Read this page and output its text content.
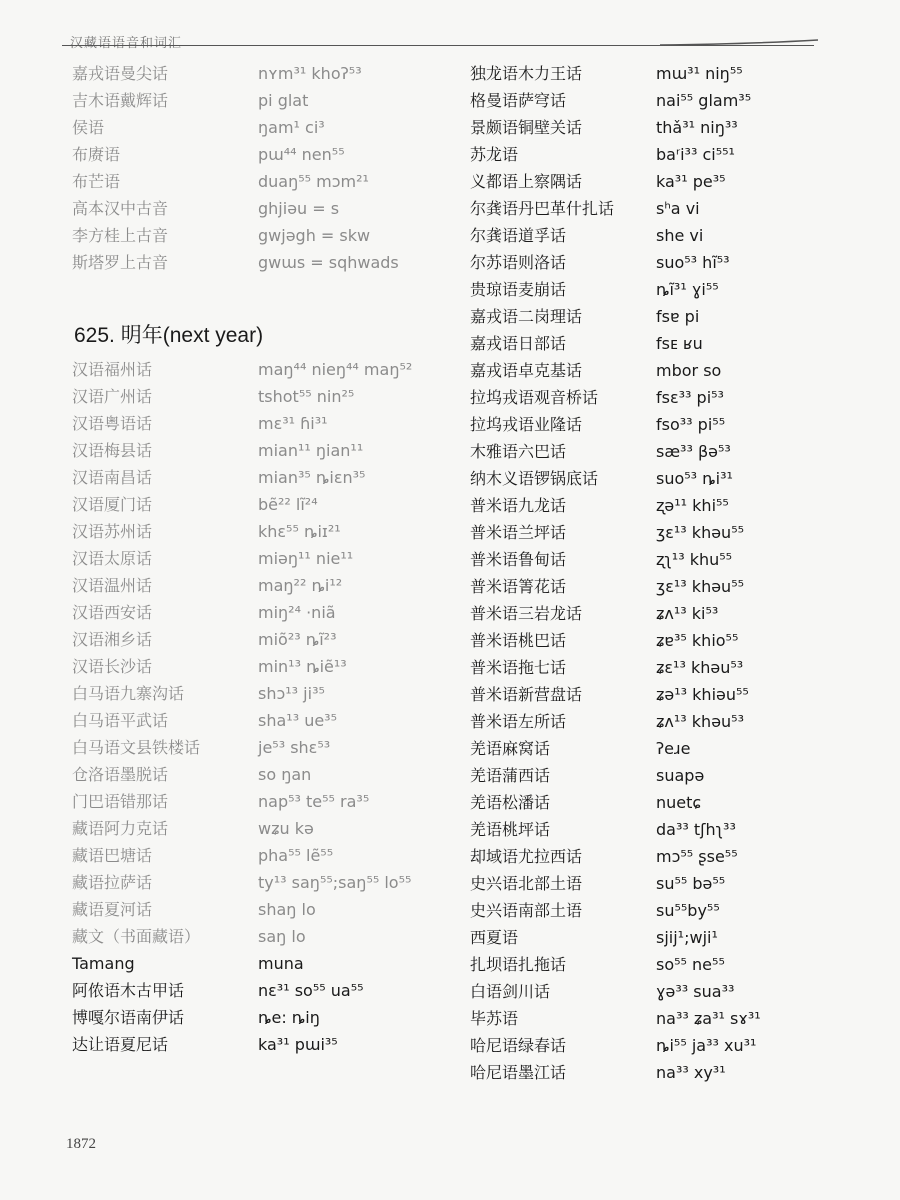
汉藏语语音和词汇
嘉戎语曼尖话	nʏm³¹ khoʔ⁵³
吉木语戴辉话	pi glat
侯语	ŋam¹ ci³
布赓语	pɯ⁴⁴ nen⁵⁵
布芒语	duaŋ⁵⁵ mɔm²¹
高本汉中古音	ghjiǝu = s
李方桂上古音	gwjǝgh = skw
斯塔罗上古音	gwɯs = sqhwads
625. 明年(next year)
汉语福州话	maŋ⁴⁴ nieŋ⁴⁴ maŋ⁵²
汉语广州话	tshot⁵⁵ nin²⁵
汉语粤语话	mɛ³¹ ɦi³¹
汉语梅县话	mian¹¹ ŋian¹¹
汉语南昌话	mian³⁵ ȵiɛn³⁵
汉语厦门话	bẽ²² lĩ²⁴
汉语苏州话	khɛ⁵⁵ ȵiɪ²¹
汉语太原话	miǝŋ¹¹ nie¹¹
汉语温州话	maŋ²² ȵi¹²
汉语西安话	miŋ²⁴ ·niã
汉语湘乡话	miõ²³ ȵĩ²³
汉语长沙话	min¹³ ȵiẽ¹³
白马语九寨沟话	shɔ¹³ ji³⁵
白马语平武话	sha¹³ ue³⁵
白马语文县铁楼话	je⁵³ shɛ⁵³
仓洛语墨脱话	so ŋan
门巴语错那话	nap⁵³ te⁵⁵ ra³⁵
藏语阿力克话	wʑu kǝ
藏语巴塘话	pha⁵⁵ lẽ⁵⁵
藏语拉萨话	ty¹³ saŋ⁵⁵;saŋ⁵⁵ lo⁵⁵
藏语夏河话	shaŋ lo
藏文（书面藏语）	saŋ lo
Tamang	muna
阿侬语木古甲话	nɛ³¹ so⁵⁵ ua⁵⁵
博嘎尔语南伊话	ȵe: ȵiŋ
达让语夏尼话	ka³¹ pɯi³⁵
独龙语木力王话	mɯ³¹ niŋ⁵⁵
格曼语萨穹话	nai⁵⁵ glam³⁵
景颇语铜壁关话	thǎ³¹ niŋ³³
苏龙语	baʳi³³ ci⁵⁵¹
义都语上察隅话	ka³¹ pe³⁵
尔龚语丹巴革什扎话	sʰa vi
尔龚语道孚话	she vi
尔苏语则洛话	suo⁵³ hĩ⁵³
贵琼语麦崩话	ȵĩ³¹ ɣi⁵⁵
嘉戎语二岗理话	fsɐ pi
嘉戎语日部话	fsᴇ ʁu
嘉戎语卓克基话	mbor so
拉坞戎语观音桥话	fsɛ³³ pi⁵³
拉坞戎语业隆话	fso³³ pi⁵⁵
木雅语六巴话	sæ³³ βǝ⁵³
纳木义语锣锅底话	suo⁵³ ȵi³¹
普米语九龙话	ʐǝ¹¹ khi⁵⁵
普米语兰坪话	ʒɛ¹³ khǝu⁵⁵
普米语鲁甸话	ʐʅ¹³ khu⁵⁵
普米语箐花话	ʒɛ¹³ khǝu⁵⁵
普米语三岩龙话	ʑʌ¹³ ki⁵³
普米语桃巴话	ʑɐ³⁵ khio⁵⁵
普米语拖七话	ʑɛ¹³ khǝu⁵³
普米语新营盘话	ʑǝ¹³ khiǝu⁵⁵
普米语左所话	ʑʌ¹³ khǝu⁵³
羌语麻窝话	ʔeɹe
羌语蒲西话	suapǝ
羌语松潘话	nuetɕ
羌语桃坪话	da³³ tʃhʅ³³
却域语尤拉西话	mɔ⁵⁵ ʂse⁵⁵
史兴语北部土语	su⁵⁵ bǝ⁵⁵
史兴语南部土语	su⁵⁵by⁵⁵
西夏语	sjij¹;wji¹
扎坝语扎拖话	so⁵⁵ ne⁵⁵
白语剑川话	ɣǝ³³ sua³³
毕苏语	na³³ ʑa³¹ sɤ³¹
哈尼语绿春话	ȵi⁵⁵ ja³³ xu³¹
哈尼语墨江话	na³³ xy³¹
1872
